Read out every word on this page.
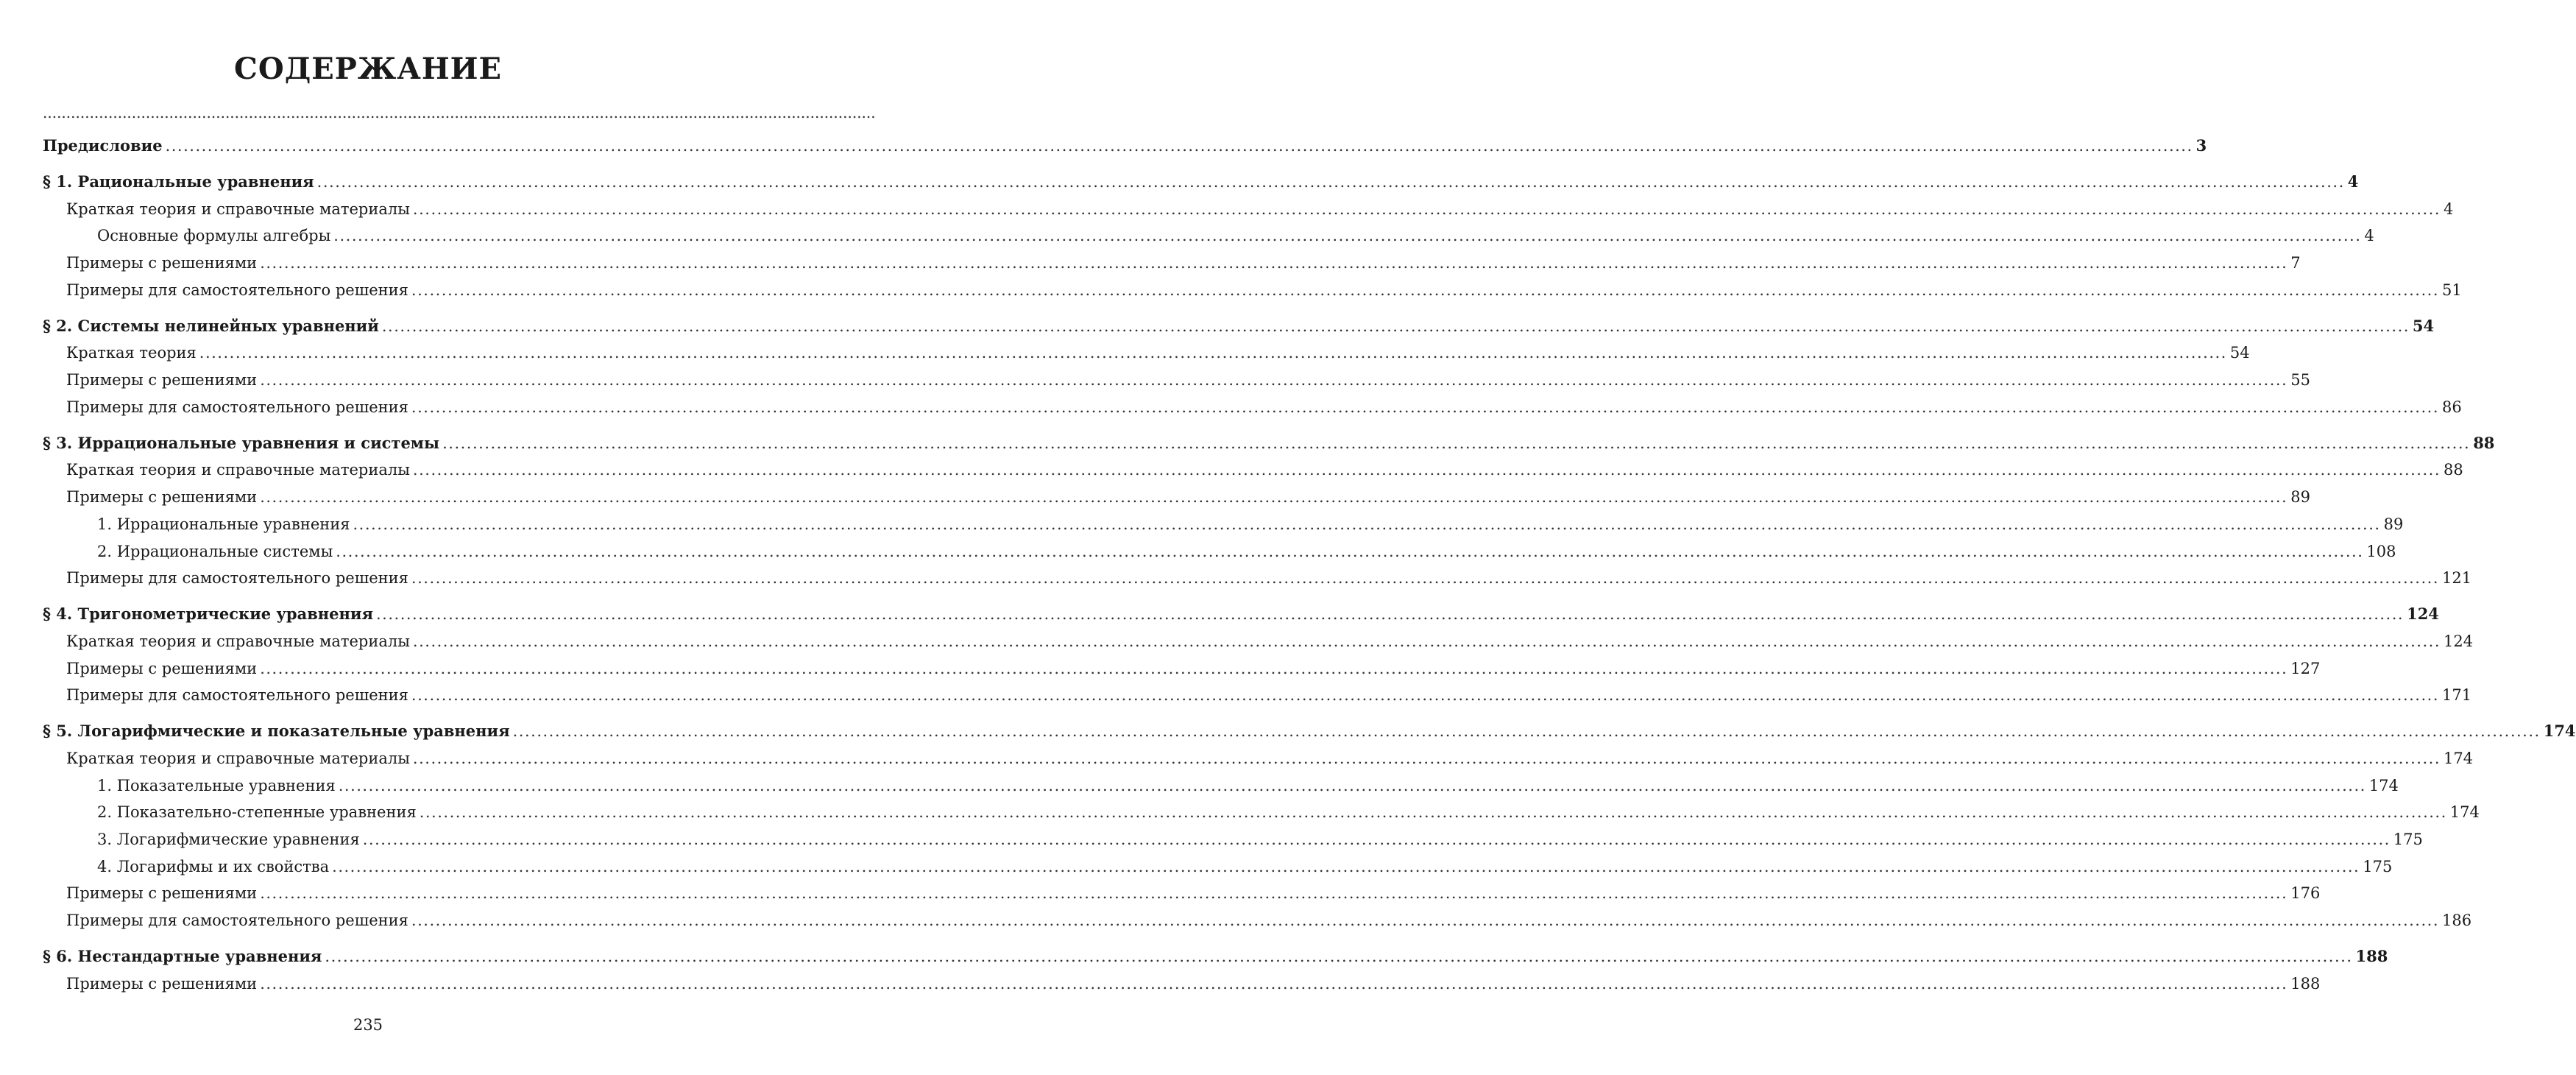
СОДЕРЖАНИЕ
..................................................................................................................................................................................
Предисловие .....	3
§ 1. Рациональные уравнения .....	4
Краткая теория и справочные материалы .....	4
Основные формулы алгебры .....	4
Примеры с решениями .....	7
Примеры для самостоятельного решения .....	51
§ 2. Системы нелинейных уравнений .....	54
Краткая теория .....	54
Примеры с решениями .....	55
Примеры для самостоятельного решения .....	86
§ 3. Иррациональные уравнения и системы .....	88
Краткая теория и справочные материалы .....	88
Примеры с решениями .....	89
1. Иррациональные уравнения .....	89
2. Иррациональные системы .....	108
Примеры для самостоятельного решения .....	121
§ 4. Тригонометрические уравнения .....	124
Краткая теория и справочные материалы .....	124
Примеры с решениями .....	127
Примеры для самостоятельного решения .....	171
§ 5. Логарифмические и показательные уравнения .....	174
Краткая теория и справочные материалы .....	174
1. Показательные уравнения .....	174
2. Показательно-степенные уравнения .....	174
3. Логарифмические уравнения .....	175
4. Логарифмы и их свойства .....	175
Примеры с решениями .....	176
Примеры для самостоятельного решения .....	186
§ 6. Нестандартные уравнения .....	188
Примеры с решениями .....	188
235
